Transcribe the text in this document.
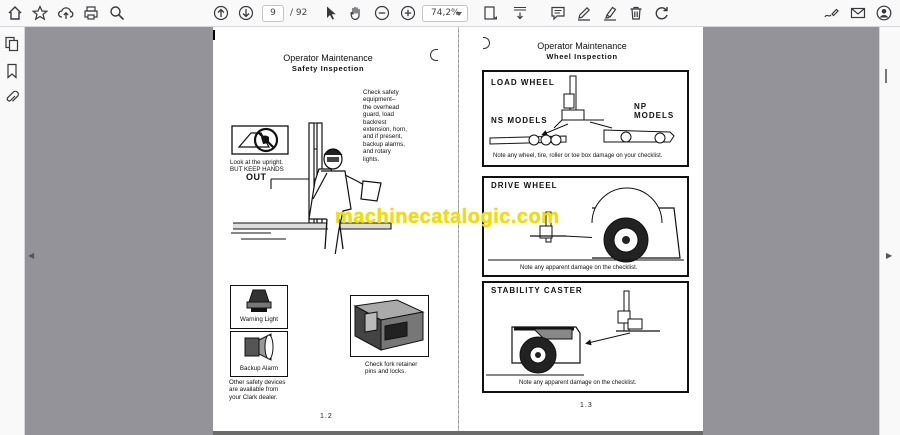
9	/ 92	74,2%
◀	▶
Operator Maintenance
Safety Inspection
Check safety
equipment–
the overhead
guard, load
backrest
extension, horn,
and if present,
backup alarms,
and rotary
lights.
Look at the upright.
BUT KEEP HANDS
OUT
Warning Light
Backup Alarm
Other safety devices
are available from
your Clark dealer.
Check fork retainer
pins and locks.
1.2
Operator Maintenance
Wheel Inspection
LOAD WHEEL
NP MODELS
NS MODELS
Note any wheel, tire, roller or toe box damage on your checklist.
DRIVE WHEEL
Note any apparent damage on the checklist.
STABILITY CASTER
Note any apparent damage on the checklist.
1.3
machinecatalogic.com
